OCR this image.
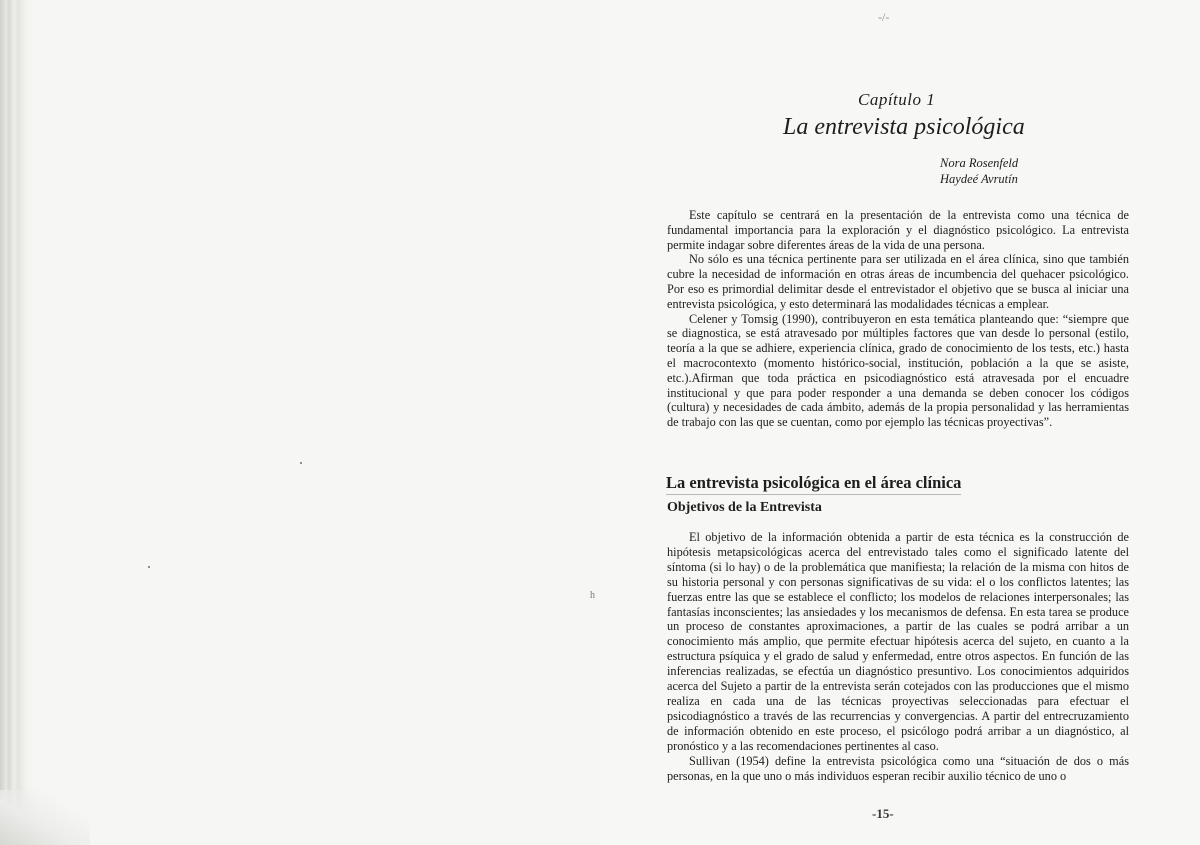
h
-/-
Capítulo 1
La entrevista psicológica
Nora Rosenfeld
Haydeé Avrutín

Este capítulo se centrará en la presentación de la entrevista como una técnica de fundamental importancia para la exploración y el diagnóstico psicológico. La entrevista permite indagar sobre diferentes áreas de la vida de una persona.

No sólo es una técnica pertinente para ser utilizada en el área clínica, sino que también cubre la necesidad de información en otras áreas de incumbencia del quehacer psicológico. Por eso es primordial delimitar desde el entrevistador el objetivo que se busca al iniciar una entrevista psicológica, y esto determinará las modalidades técnicas a emplear.

Celener y Tomsig (1990), contribuyeron en esta temática planteando que: “siempre que se diagnostica, se está atravesado por múltiples factores que van desde lo personal (estilo, teoría a la que se adhiere, experiencia clínica, grado de conocimiento de los tests, etc.) hasta el macrocontexto (momento histórico-social, institución, población a la que se asiste, etc.).Afirman que toda práctica en psicodiagnóstico está atravesada por el encuadre institucional y que para poder responder a una demanda se deben conocer los códigos (cultura) y necesidades de cada ámbito, además de la propia personalidad y las herramientas de trabajo con las que se cuentan, como por ejemplo las técnicas proyectivas”.

La entrevista psicológica en el área clínica
Objetivos de la Entrevista

El objetivo de la información obtenida a partir de esta técnica es la construcción de hipótesis metapsicológicas acerca del entrevistado tales como el significado latente del síntoma (si lo hay) o de la problemática que manifiesta; la relación de la misma con hitos de su historia personal y con personas significativas de su vida: el o los conflictos latentes; las fuerzas entre las que se establece el conflicto; los modelos de relaciones interpersonales; las fantasías inconscientes; las ansiedades y los mecanismos de defensa. En esta tarea se produce un proceso de constantes aproximaciones, a partir de las cuales se podrá arribar a un conocimiento más amplio, que permite efectuar hipótesis acerca del sujeto, en cuanto a la estructura psíquica y el grado de salud y enfermedad, entre otros aspectos. En función de las inferencias realizadas, se efectúa un diagnóstico presuntivo. Los conocimientos adquiridos acerca del Sujeto a partir de la entrevista serán cotejados con las producciones que el mismo realiza en cada una de las técnicas proyectivas seleccionadas para efectuar el psicodiagnóstico a través de las recurrencias y convergencias. A partir del entrecruzamiento de información obtenido en este proceso, el psicólogo podrá arribar a un diagnóstico, al pronóstico y a las recomendaciones pertinentes al caso.

Sullivan (1954) define la entrevista psicológica como una “situación de dos o más personas, en la que uno o más individuos esperan recibir auxilio técnico de uno o

-15-
